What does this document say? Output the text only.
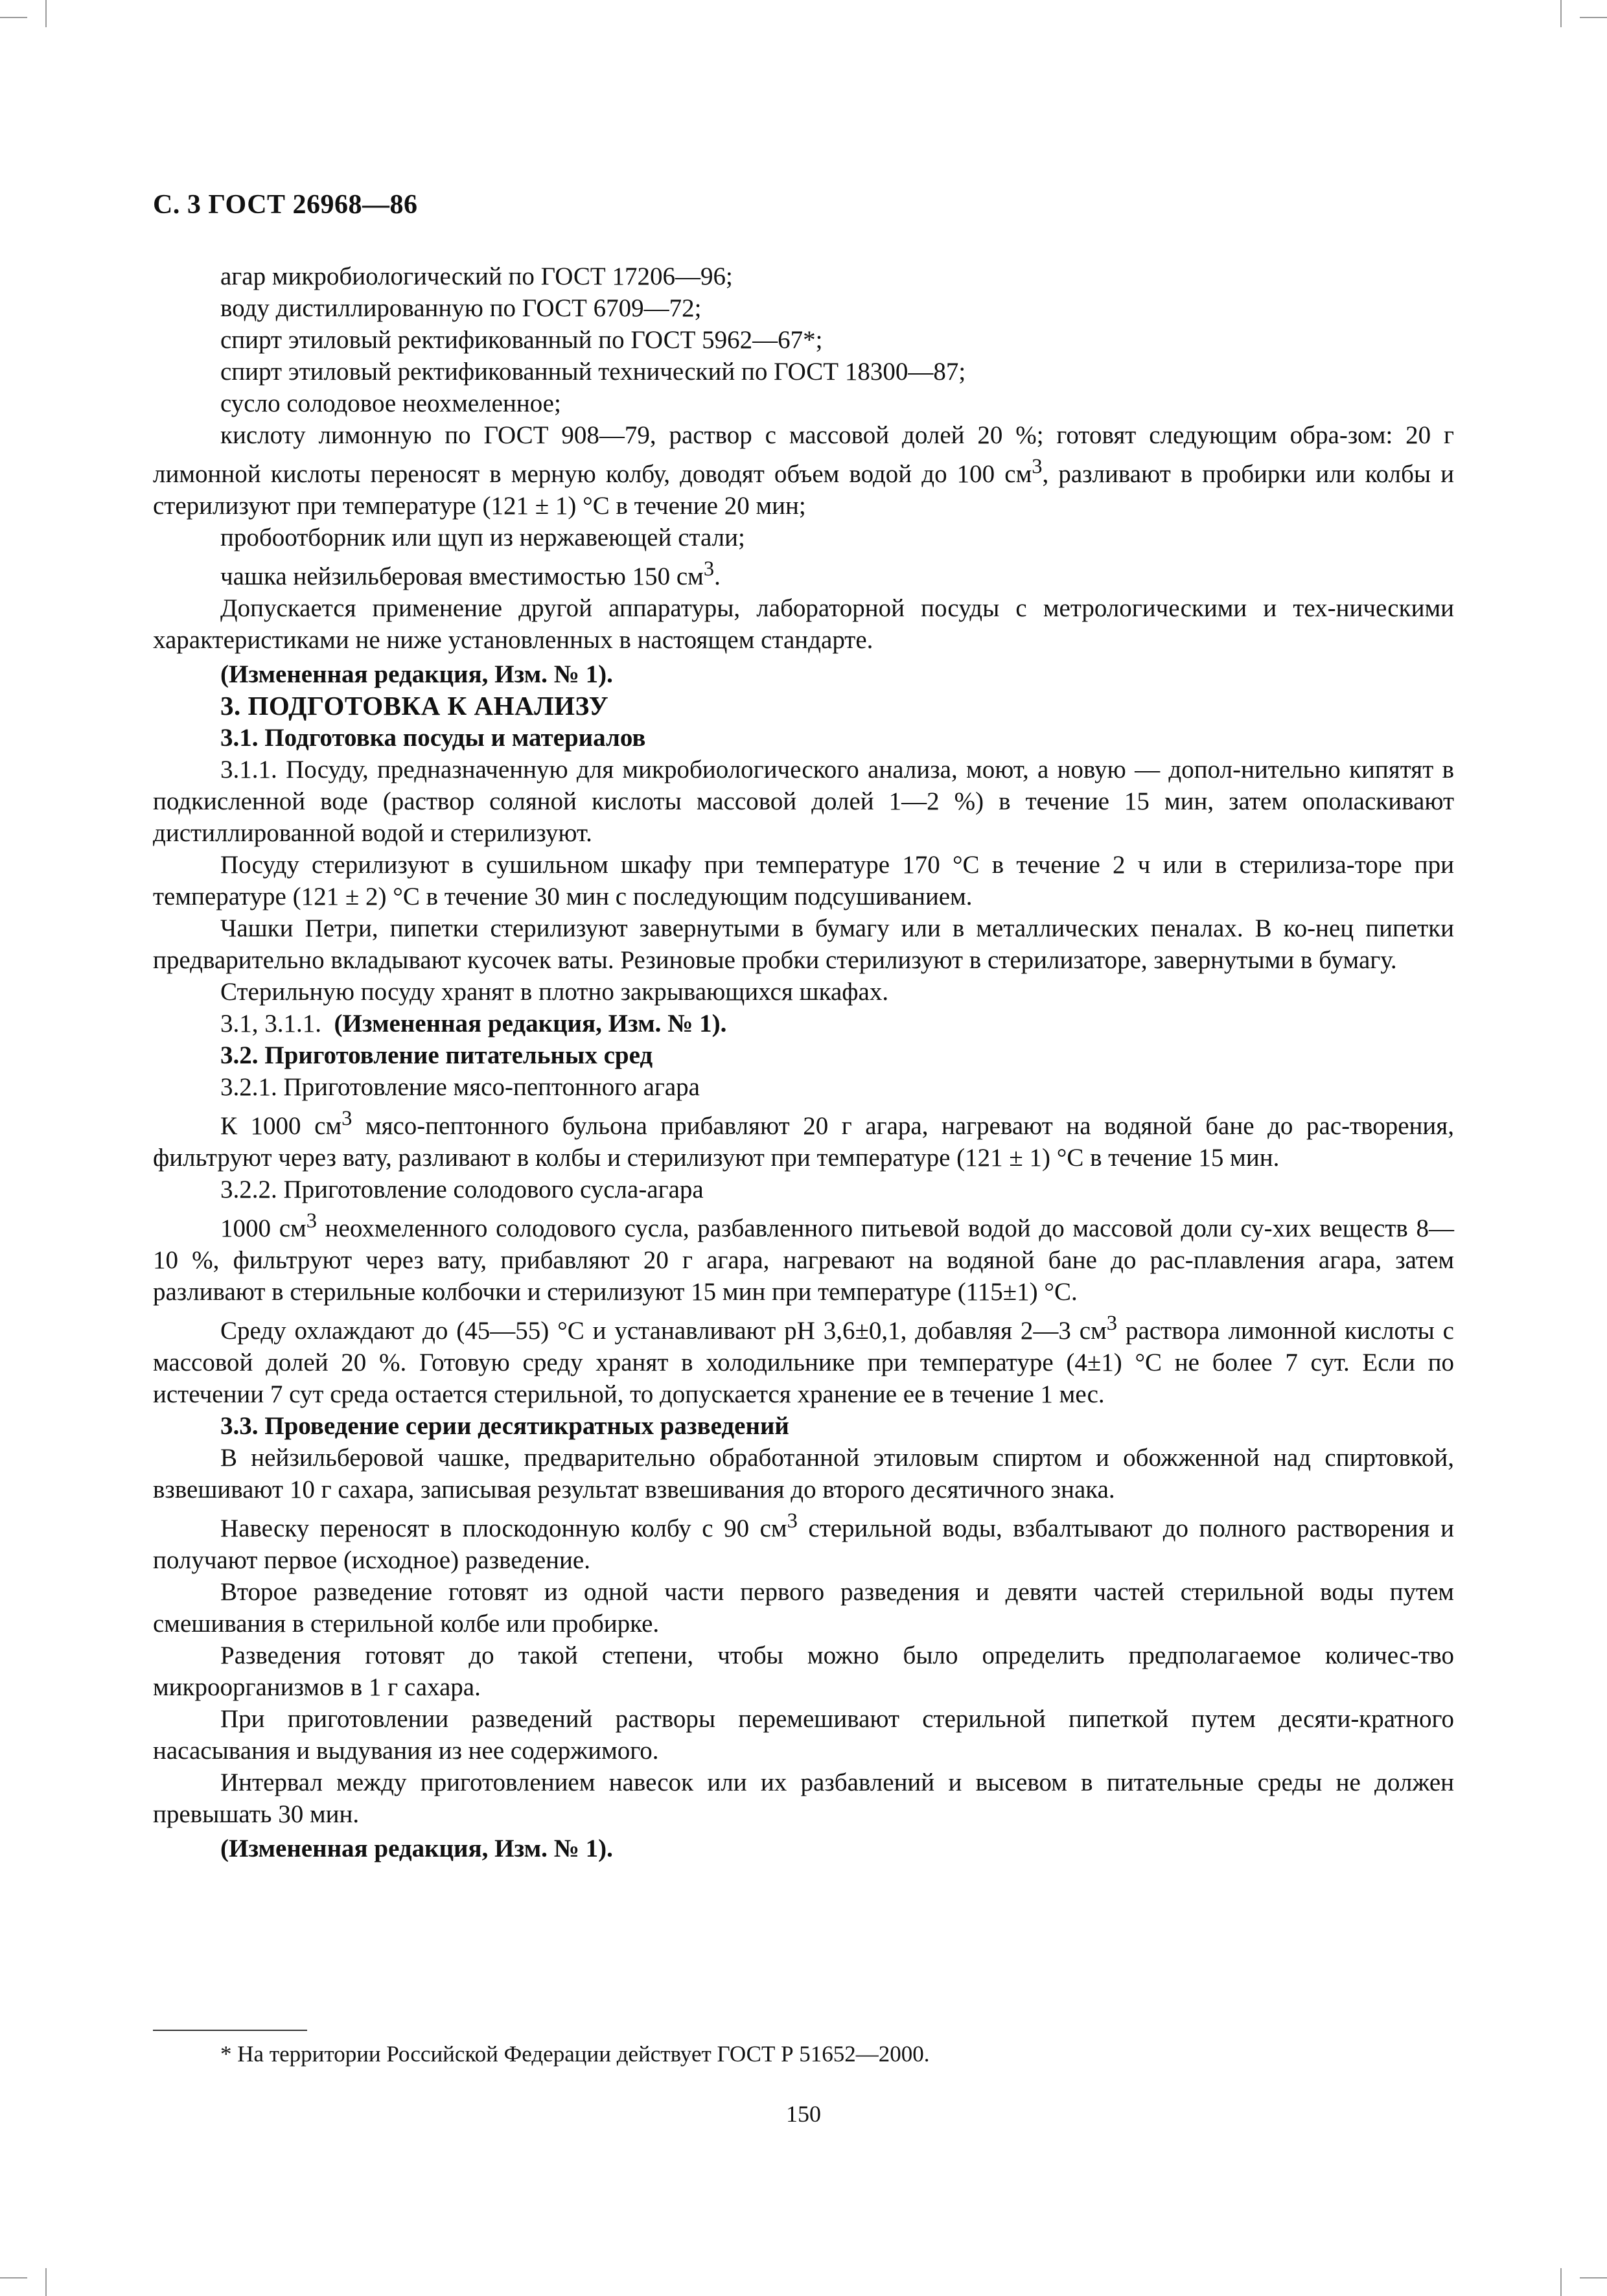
С. 3 ГОСТ 26968—86

агар микробиологический по ГОСТ 17206—96;

воду дистиллированную по ГОСТ 6709—72;

спирт этиловый ректификованный по ГОСТ 5962—67*;

спирт этиловый ректификованный технический по ГОСТ 18300—87;

сусло солодовое неохмеленное;

кислоту лимонную по ГОСТ 908—79, раствор с массовой долей 20 %; готовят следующим обра-зом: 20 г лимонной кислоты переносят в мерную колбу, доводят объем водой до 100 $см^3$, разливают в пробирки или колбы и стерилизуют при температуре (121 ± 1) °С в течение 20 мин;

пробоотборник или щуп из нержавеющей стали;

чашка нейзильберовая вместимостью 150 $см^3$.

Допускается применение другой аппаратуры, лабораторной посуды с метрологическими и тех-ническими характеристиками не ниже установленных в настоящем стандарте.

(Измененная редакция, Изм. № 1).

3. ПОДГОТОВКА К АНАЛИЗУ

3.1. Подготовка посуды и материалов

3.1.1. Посуду, предназначенную для микробиологического анализа, моют, а новую — допол-нительно кипятят в подкисленной воде (раствор соляной кислоты массовой долей 1—2 %) в течение 15 мин, затем ополаскивают дистиллированной водой и стерилизуют.

Посуду стерилизуют в сушильном шкафу при температуре 170 °С в течение 2 ч или в стерилиза-торе при температуре (121 ± 2) °С в течение 30 мин с последующим подсушиванием.

Чашки Петри, пипетки стерилизуют завернутыми в бумагу или в металлических пеналах. В ко-нец пипетки предварительно вкладывают кусочек ваты. Резиновые пробки стерилизуют в стерилизаторе, завернутыми в бумагу.

Стерильную посуду хранят в плотно закрывающихся шкафах.

3.1, 3.1.1. (Измененная редакция, Изм. № 1).

3.2. Приготовление питательных сред

3.2.1. Приготовление мясо-пептонного агара

К 1000 $см^3$ мясо-пептонного бульона прибавляют 20 г агара, нагревают на водяной бане до рас-творения, фильтруют через вату, разливают в колбы и стерилизуют при температуре (121 ± 1) °С в течение 15 мин.

3.2.2. Приготовление солодового сусла-агара

1000 $см^3$ неохмеленного солодового сусла, разбавленного питьевой водой до массовой доли су-хих веществ 8—10 %, фильтруют через вату, прибавляют 20 г агара, нагревают на водяной бане до рас-плавления агара, затем разливают в стерильные колбочки и стерилизуют 15 мин при температуре (115±1) °С.

Среду охлаждают до (45—55) °С и устанавливают рН 3,6±0,1, добавляя 2—3 $см^3$ раствора лимонной кислоты с массовой долей 20 %. Готовую среду хранят в холодильнике при температуре (4±1) °С не более 7 сут. Если по истечении 7 сут среда остается стерильной, то допускается хранение ее в течение 1 мес.

3.3. Проведение серии десятикратных разведений

В нейзильберовой чашке, предварительно обработанной этиловым спиртом и обожженной над спиртовкой, взвешивают 10 г сахара, записывая результат взвешивания до второго десятичного знака.

Навеску переносят в плоскодонную колбу с 90 $см^3$ стерильной воды, взбалтывают до полного растворения и получают первое (исходное) разведение.

Второе разведение готовят из одной части первого разведения и девяти частей стерильной воды путем смешивания в стерильной колбе или пробирке.

Разведения готовят до такой степени, чтобы можно было определить предполагаемое количес-тво микроорганизмов в 1 г сахара.

При приготовлении разведений растворы перемешивают стерильной пипеткой путем десяти-кратного насасывания и выдувания из нее содержимого.

Интервал между приготовлением навесок или их разбавлений и высевом в питательные среды не должен превышать 30 мин.

(Измененная редакция, Изм. № 1).

* На территории Российской Федерации действует ГОСТ Р 51652—2000.
150
